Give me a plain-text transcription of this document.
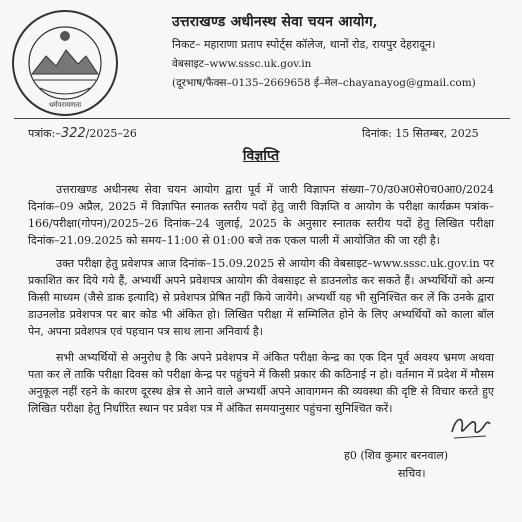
धर्मपरायणता
उत्तराखण्ड अधीनस्थ सेवा चयन आयोग,
निकट– महाराणा प्रताप स्पोर्ट्स कॉलेज, थानों रोड, रायपुर देहरादून।
वेबसाइट–www.sssc.uk.gov.in
(दूरभाष/फैक्स–0135–2669658 ई–मेल–chayanayog@gmail.com)
पत्रांक:–322/2025–26	दिनांक: 15 सितम्बर, 2025
विज्ञप्ति

उत्तराखण्ड अधीनस्थ सेवा चयन आयोग द्वारा पूर्व में जारी विज्ञापन संख्या–70/उ0अ0से0च0आ0/2024 दिनांक–09 अप्रैल, 2025 में विज्ञापित स्नातक स्तरीय पदों हेतु जारी विज्ञप्ति व आयोग के परीक्षा कार्यक्रम पत्रांक–166/परीक्षा(गोपन)/2025–26 दिनांक–24 जुलाई, 2025 के अनुसार स्नातक स्तरीय पदों हेतु लिखित परीक्षा दिनांक–21.09.2025 को समय–11:00 से 01:00 बजे तक एकल पाली में आयोजित की जा रही है।

उक्त परीक्षा हेतु प्रवेशपत्र आज दिनांक–15.09.2025 से आयोग की वेबसाइट–www.sssc.uk.gov.in पर प्रकाशित कर दिये गये हैं, अभ्यर्थी अपने प्रवेशपत्र आयोग की वेबसाइट से डाउनलोड कर सकते हैं। अभ्यर्थियों को अन्य किसी माध्यम (जैसे डाक इत्यादि) से प्रवेशपत्र प्रेषित नहीं किये जायेंगे। अभ्यर्थी यह भी सुनिश्चित कर लें कि उनके द्वारा डाउनलोड प्रवेशपत्र पर बार कोड भी अंकित हो। लिखित परीक्षा में सम्मिलित होने के लिए अभ्यर्थियों को काला बॉल पेन, अपना प्रवेशपत्र एवं पहचान पत्र साथ लाना अनिवार्य है।

सभी अभ्यर्थियों से अनुरोध है कि अपने प्रवेशपत्र में अंकित परीक्षा केन्द्र का एक दिन पूर्व अवश्य भ्रमण अथवा पता कर लें ताकि परीक्षा दिवस को परीक्षा केन्द्र पर पहुंचने में किसी प्रकार की कठिनाई न हो। वर्तमान में प्रदेश में मौसम अनुकूल नहीं रहने के कारण दूरस्थ क्षेत्र से आने वाले अभ्यर्थी अपने आवागमन की व्यवस्था की दृष्टि से विचार करते हुए लिखित परीक्षा हेतु निर्धारित स्थान पर प्रवेश पत्र में अंकित समयानुसार पहुंचना सुनिश्चित करें।

ह0 (शिव कुमार बरनवाल)
सचिव।
